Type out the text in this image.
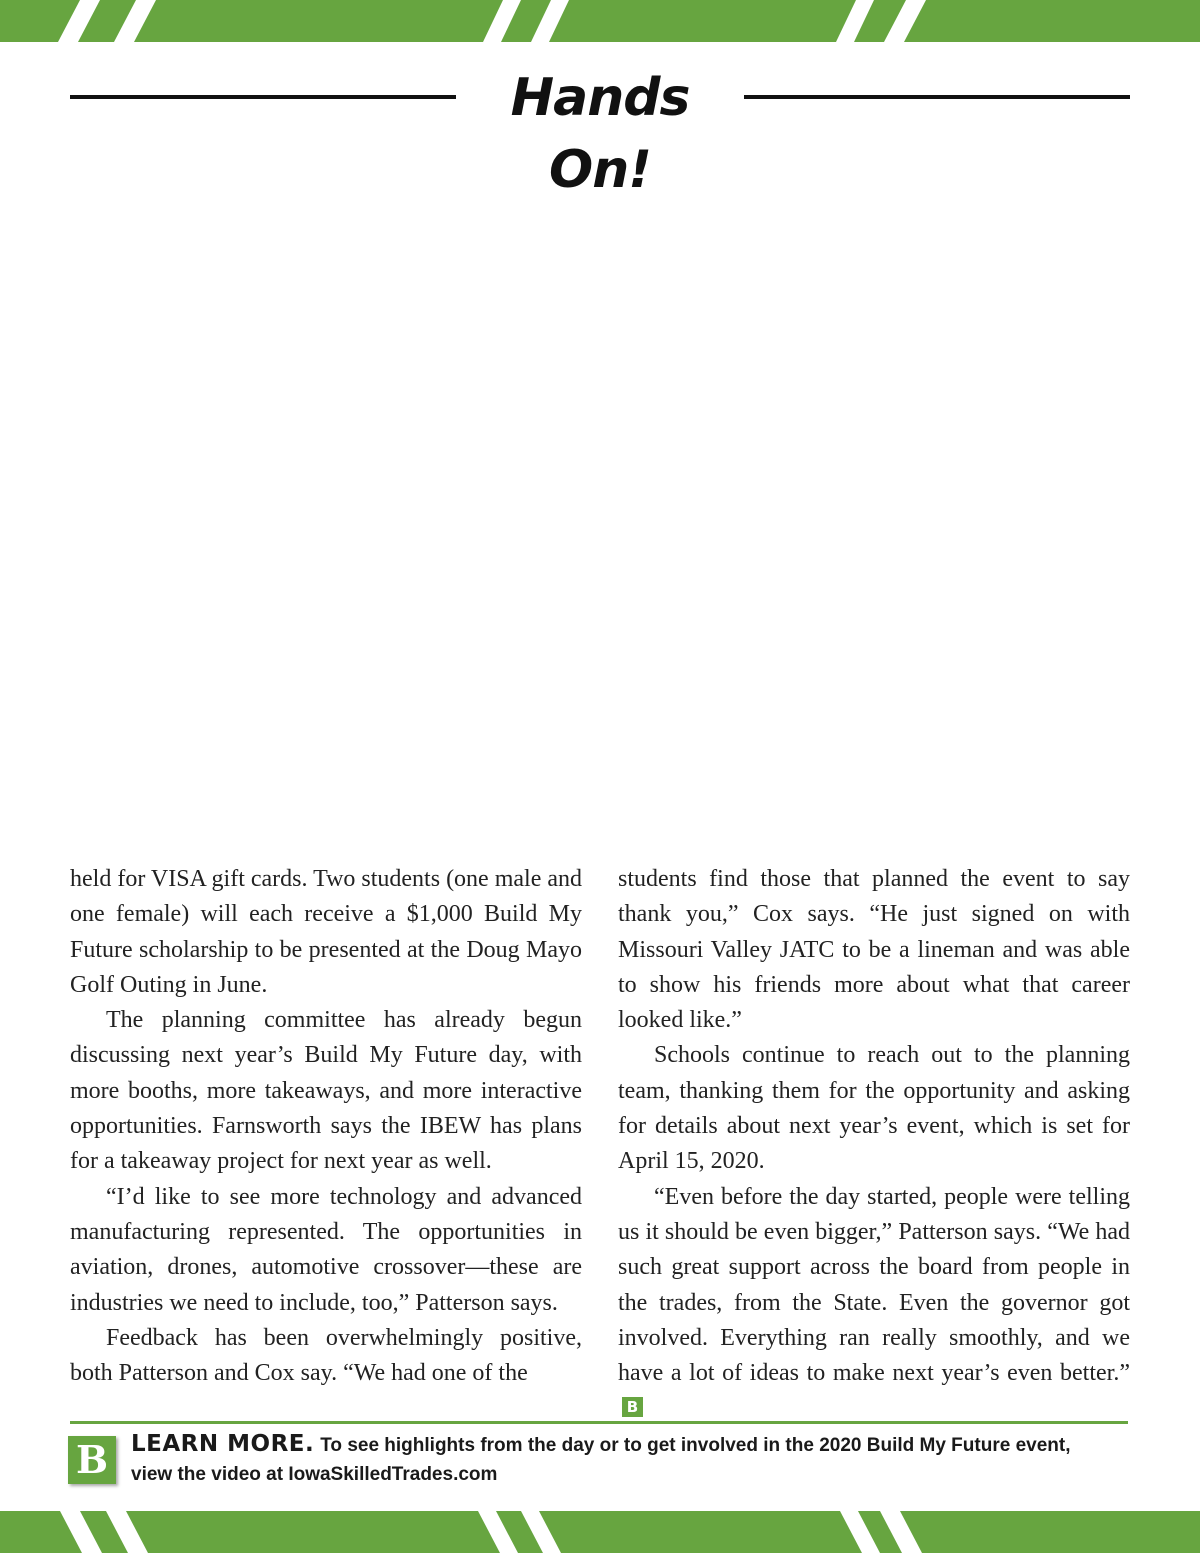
Hands On!

held for VISA gift cards. Two students (one male and one female) will each receive a $1,000 Build My Future scholarship to be presented at the Doug Mayo Golf Outing in June.

The planning committee has already begun discussing next year’s Build My Future day, with more booths, more takeaways, and more interactive opportunities. Farnsworth says the IBEW has plans for a takeaway project for next year as well.

“I’d like to see more technology and advanced manufacturing represented. The opportunities in aviation, drones, automotive crossover—these are industries we need to include, too,” Patterson says.

Feedback has been overwhelmingly positive, both Patterson and Cox say. “We had one of the

students find those that planned the event to say thank you,” Cox says. “He just signed on with Missouri Valley JATC to be a lineman and was able to show his friends more about what that career looked like.”

Schools continue to reach out to the planning team, thanking them for the opportunity and asking for details about next year’s event, which is set for April 15, 2020.

“Even before the day started, people were telling us it should be even bigger,” Patterson says. “We had such great support across the board from people in the trades, from the State. Even the governor got involved. Everything ran really smoothly, and we have a lot of ideas to make next year’s even better.”B

B LEARN MORE. To see highlights from the day or to get involved in the 2020 Build My Future event,
view the video at IowaSkilledTrades.com
